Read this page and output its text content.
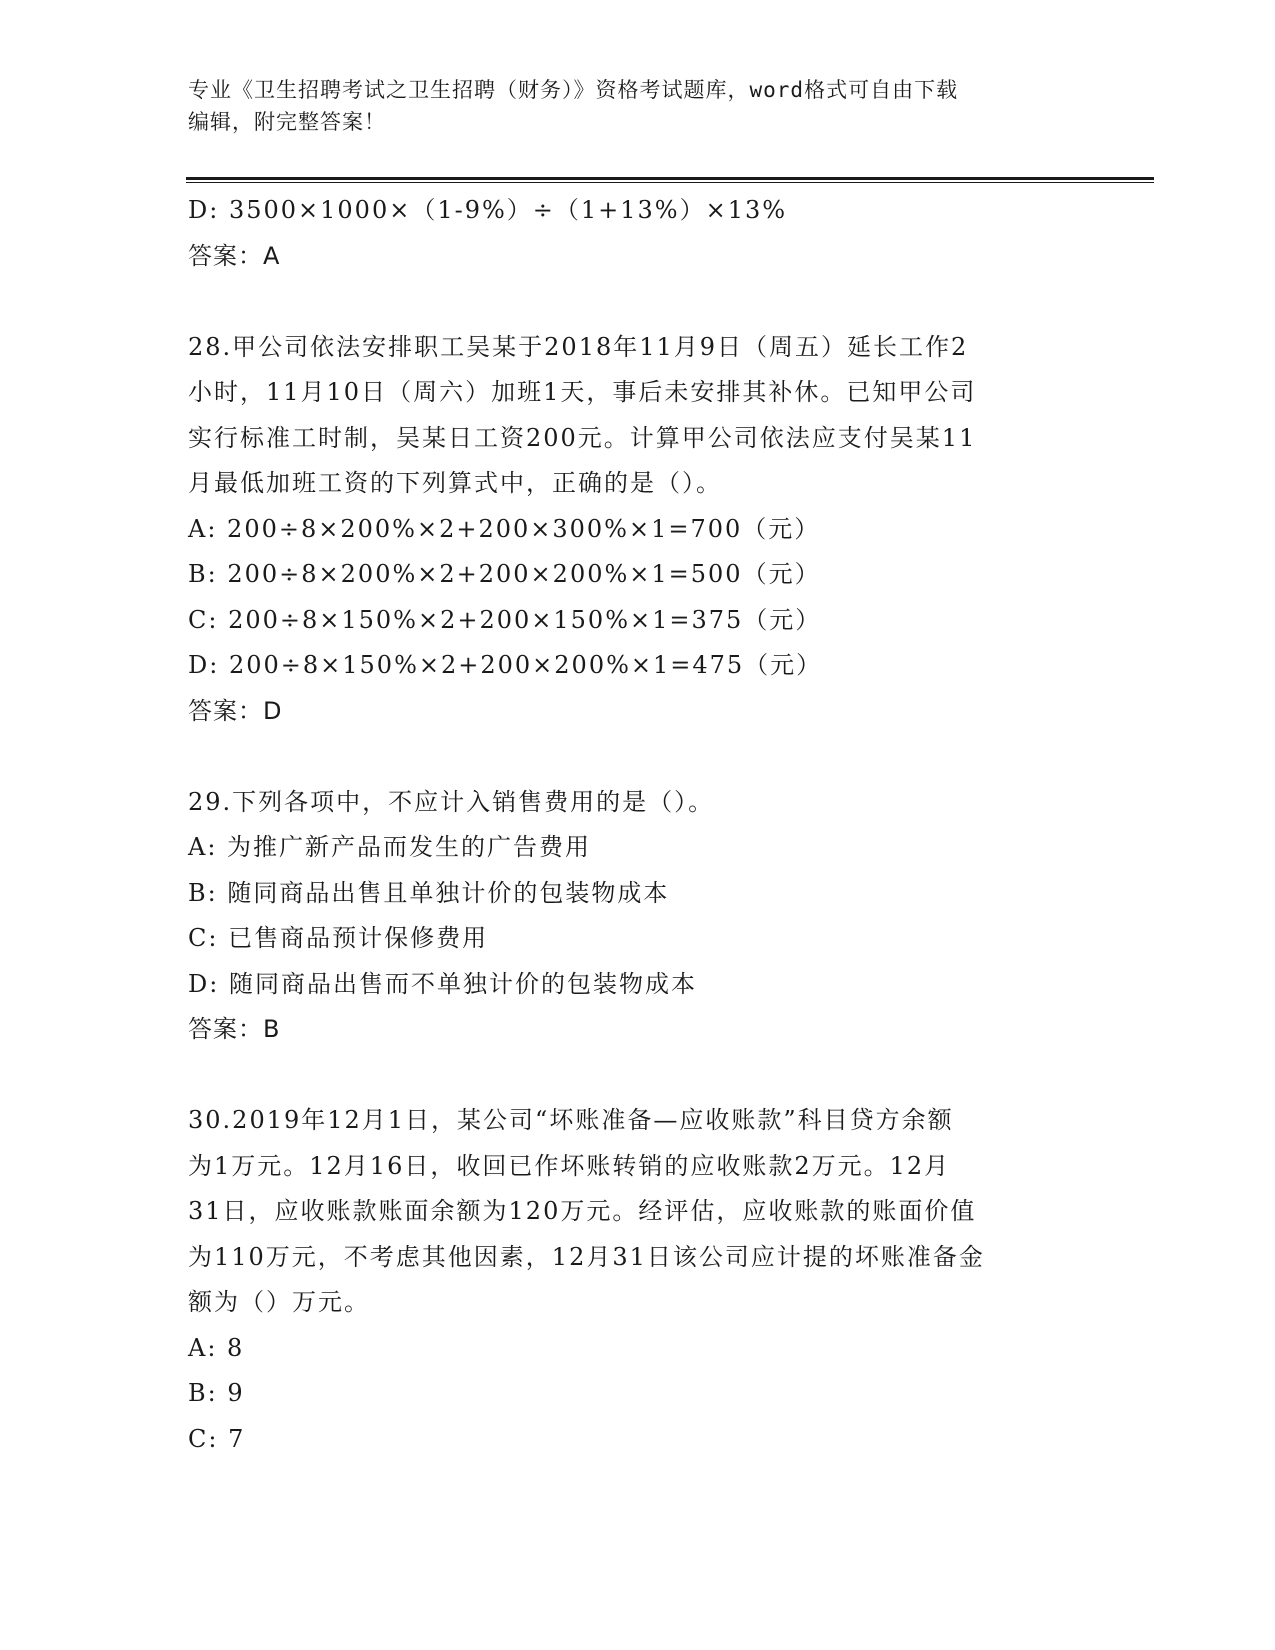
专业《卫生招聘考试之卫生招聘（财务）》资格考试题库，word格式可自由下载
编辑，附完整答案！
D: 3500×1000×（1-9%）÷（1+13%）×13%
答案：A
28.甲公司依法安排职工吴某于2018年11月9日（周五）延长工作2
小时，11月10日（周六）加班1天，事后未安排其补休。已知甲公司
实行标准工时制，吴某日工资200元。计算甲公司依法应支付吴某11
月最低加班工资的下列算式中，正确的是（）。
A: 200÷8×200%×2+200×300%×1=700（元）
B: 200÷8×200%×2+200×200%×1=500（元）
C: 200÷8×150%×2+200×150%×1=375（元）
D: 200÷8×150%×2+200×200%×1=475（元）
答案：D
29.下列各项中，不应计入销售费用的是（）。
A: 为推广新产品而发生的广告费用
B: 随同商品出售且单独计价的包装物成本
C: 已售商品预计保修费用
D: 随同商品出售而不单独计价的包装物成本
答案：B
30.2019年12月1日，某公司“坏账准备—应收账款”科目贷方余额
为1万元。12月16日，收回已作坏账转销的应收账款2万元。12月
31日，应收账款账面余额为120万元。经评估，应收账款的账面价值
为110万元，不考虑其他因素，12月31日该公司应计提的坏账准备金
额为（）万元。
A: 8
B: 9
C: 7
